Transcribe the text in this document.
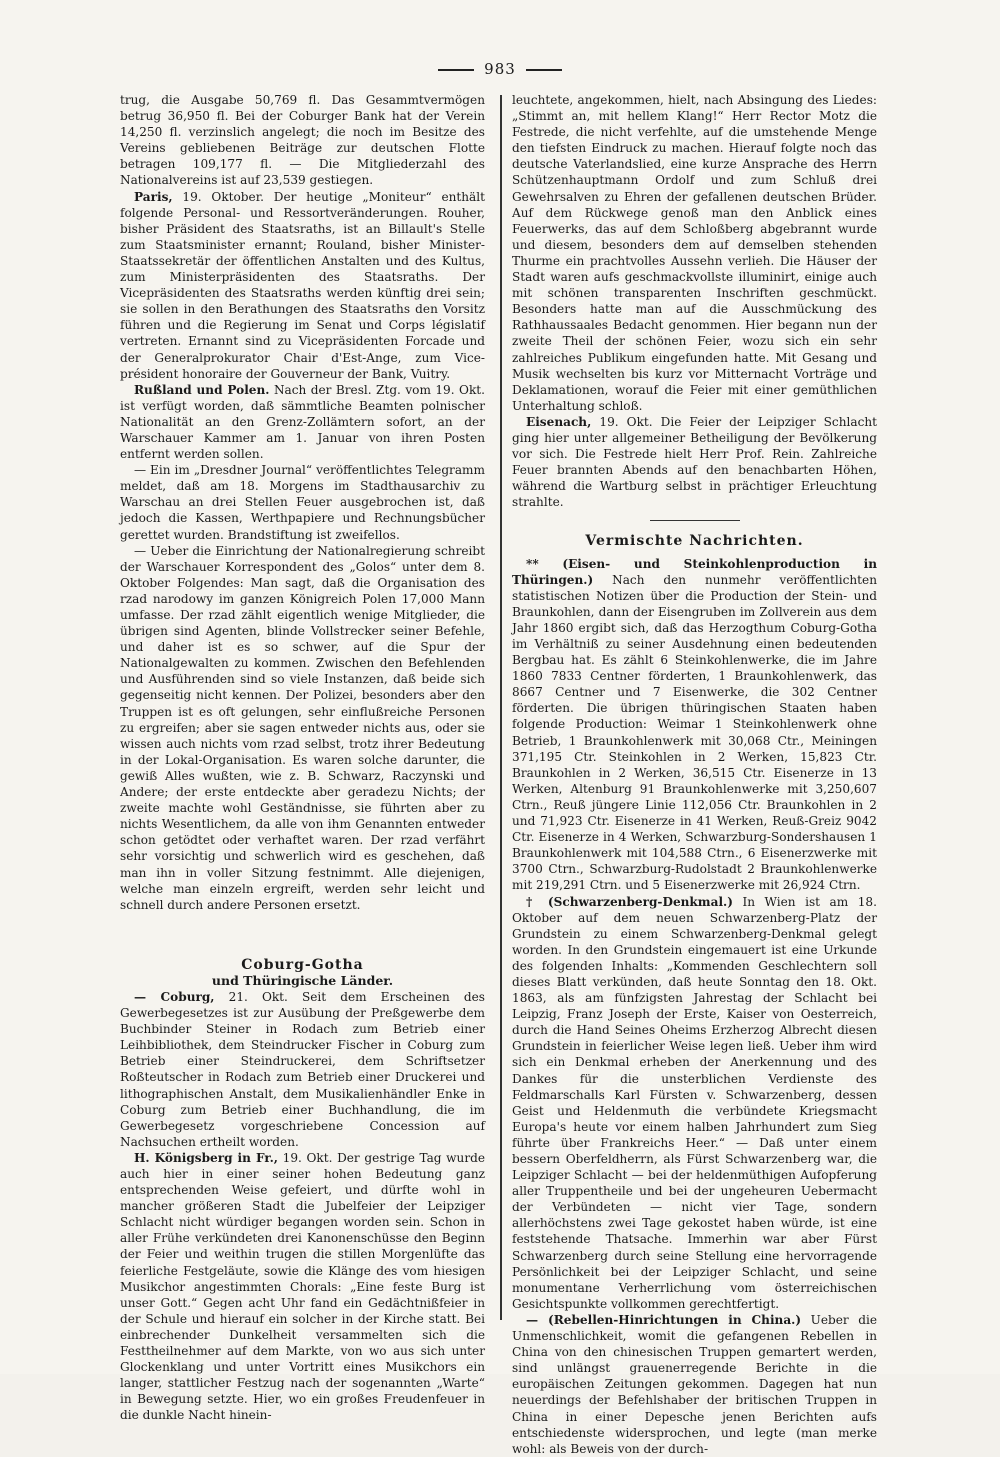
983

trug, die Ausgabe 50,769 fl. Das Gesammtvermögen betrug 36,950 fl. Bei der Coburger Bank hat der Verein 14,250 fl. verzinslich angelegt; die noch im Besitze des Vereins gebliebenen Beiträge zur deutschen Flotte betragen 109,177 fl. — Die Mitgliederzahl des Nationalvereins ist auf 23,539 gestiegen.

Paris, 19. Oktober. Der heutige „Moniteur“ enthält folgende Personal- und Ressortveränderungen. Rouher, bisher Präsident des Staatsraths, ist an Billault's Stelle zum Staatsminister ernannt; Rouland, bisher Minister-Staatssekretär der öffentlichen Anstalten und des Kultus, zum Ministerpräsidenten des Staatsraths. Der Vicepräsidenten des Staatsraths werden künftig drei sein; sie sollen in den Berathungen des Staatsraths den Vorsitz führen und die Regierung im Senat und Corps législatif vertreten. Ernannt sind zu Vicepräsidenten Forcade und der Generalprokurator Chair d'Est-Ange, zum Vice-président honoraire der Gouverneur der Bank, Vuitry.

Rußland und Polen. Nach der Bresl. Ztg. vom 19. Okt. ist verfügt worden, daß sämmtliche Beamten polnischer Nationalität an den Grenz-Zollämtern sofort, an der Warschauer Kammer am 1. Januar von ihren Posten entfernt werden sollen.

— Ein im „Dresdner Journal“ veröffentlichtes Telegramm meldet, daß am 18. Morgens im Stadthausarchiv zu Warschau an drei Stellen Feuer ausgebrochen ist, daß jedoch die Kassen, Werthpapiere und Rechnungsbücher gerettet wurden. Brandstiftung ist zweifellos.

— Ueber die Einrichtung der Nationalregierung schreibt der Warschauer Korrespondent des „Golos“ unter dem 8. Oktober Folgendes: Man sagt, daß die Organisation des rzad narodowy im ganzen Königreich Polen 17,000 Mann umfasse. Der rzad zählt eigentlich wenige Mitglieder, die übrigen sind Agenten, blinde Vollstrecker seiner Befehle, und daher ist es so schwer, auf die Spur der Nationalgewalten zu kommen. Zwischen den Befehlenden und Ausführenden sind so viele Instanzen, daß beide sich gegenseitig nicht kennen. Der Polizei, besonders aber den Truppen ist es oft gelungen, sehr einflußreiche Personen zu ergreifen; aber sie sagen entweder nichts aus, oder sie wissen auch nichts vom rzad selbst, trotz ihrer Bedeutung in der Lokal-Organisation. Es waren solche darunter, die gewiß Alles wußten, wie z. B. Schwarz, Raczynski und Andere; der erste entdeckte aber geradezu Nichts; der zweite machte wohl Geständnisse, sie führten aber zu nichts Wesentlichem, da alle von ihm Genannten entweder schon getödtet oder verhaftet waren. Der rzad verfährt sehr vorsichtig und schwerlich wird es geschehen, daß man ihn in voller Sitzung festnimmt. Alle diejenigen, welche man einzeln ergreift, werden sehr leicht und schnell durch andere Personen ersetzt.

Coburg-Gotha

und Thüringische Länder.

— Coburg, 21. Okt. Seit dem Erscheinen des Gewerbegesetzes ist zur Ausübung der Preßgewerbe dem Buchbinder Steiner in Rodach zum Betrieb einer Leihbibliothek, dem Steindrucker Fischer in Coburg zum Betrieb einer Steindruckerei, dem Schriftsetzer Roßteutscher in Rodach zum Betrieb einer Druckerei und lithographischen Anstalt, dem Musikalienhändler Enke in Coburg zum Betrieb einer Buchhandlung, die im Gewerbegesetz vorgeschriebene Concession auf Nachsuchen ertheilt worden.

H. Königsberg in Fr., 19. Okt. Der gestrige Tag wurde auch hier in einer seiner hohen Bedeutung ganz entsprechenden Weise gefeiert, und dürfte wohl in mancher größeren Stadt die Jubelfeier der Leipziger Schlacht nicht würdiger begangen worden sein. Schon in aller Frühe verkündeten drei Kanonenschüsse den Beginn der Feier und weithin trugen die stillen Morgenlüfte das feierliche Festgeläute, sowie die Klänge des vom hiesigen Musikchor angestimmten Chorals: „Eine feste Burg ist unser Gott.“ Gegen acht Uhr fand ein Gedächtnißfeier in der Schule und hierauf ein solcher in der Kirche statt. Bei einbrechender Dunkelheit versammelten sich die Festtheilnehmer auf dem Markte, von wo aus sich unter Glockenklang und unter Vortritt eines Musikchors ein langer, stattlicher Festzug nach der sogenannten „Warte“ in Bewegung setzte. Hier, wo ein großes Freudenfeuer in die dunkle Nacht hinein-

leuchtete, angekommen, hielt, nach Absingung des Liedes: „Stimmt an, mit hellem Klang!“ Herr Rector Motz die Festrede, die nicht verfehlte, auf die umstehende Menge den tiefsten Eindruck zu machen. Hierauf folgte noch das deutsche Vaterlandslied, eine kurze Ansprache des Herrn Schützenhauptmann Ordolf und zum Schluß drei Gewehrsalven zu Ehren der gefallenen deutschen Brüder. Auf dem Rückwege genoß man den Anblick eines Feuerwerks, das auf dem Schloßberg abgebrannt wurde und diesem, besonders dem auf demselben stehenden Thurme ein prachtvolles Aussehn verlieh. Die Häuser der Stadt waren aufs geschmackvollste illuminirt, einige auch mit schönen transparenten Inschriften geschmückt. Besonders hatte man auf die Ausschmückung des Rathhaussaales Bedacht genommen. Hier begann nun der zweite Theil der schönen Feier, wozu sich ein sehr zahlreiches Publikum eingefunden hatte. Mit Gesang und Musik wechselten bis kurz vor Mitternacht Vorträge und Deklamationen, worauf die Feier mit einer gemüthlichen Unterhaltung schloß.

Eisenach, 19. Okt. Die Feier der Leipziger Schlacht ging hier unter allgemeiner Betheiligung der Bevölkerung vor sich. Die Festrede hielt Herr Prof. Rein. Zahlreiche Feuer brannten Abends auf den benachbarten Höhen, während die Wartburg selbst in prächtiger Erleuchtung strahlte.

Vermischte Nachrichten.

** (Eisen- und Steinkohlenproduction in Thüringen.) Nach den nunmehr veröffentlichten statistischen Notizen über die Production der Stein- und Braunkohlen, dann der Eisengruben im Zollverein aus dem Jahr 1860 ergibt sich, daß das Herzogthum Coburg-Gotha im Verhältniß zu seiner Ausdehnung einen bedeutenden Bergbau hat. Es zählt 6 Steinkohlenwerke, die im Jahre 1860 7833 Centner förderten, 1 Braunkohlenwerk, das 8667 Centner und 7 Eisenwerke, die 302 Centner förderten. Die übrigen thüringischen Staaten haben folgende Production: Weimar 1 Steinkohlenwerk ohne Betrieb, 1 Braunkohlenwerk mit 30,068 Ctr., Meiningen 371,195 Ctr. Steinkohlen in 2 Werken, 15,823 Ctr. Braunkohlen in 2 Werken, 36,515 Ctr. Eisenerze in 13 Werken, Altenburg 91 Braunkohlenwerke mit 3,250,607 Ctrn., Reuß jüngere Linie 112,056 Ctr. Braunkohlen in 2 und 71,923 Ctr. Eisenerze in 41 Werken, Reuß-Greiz 9042 Ctr. Eisenerze in 4 Werken, Schwarzburg-Sondershausen 1 Braunkohlenwerk mit 104,588 Ctrn., 6 Eisenerzwerke mit 3700 Ctrn., Schwarzburg-Rudolstadt 2 Braunkohlenwerke mit 219,291 Ctrn. und 5 Eisenerzwerke mit 26,924 Ctrn.

† (Schwarzenberg-Denkmal.) In Wien ist am 18. Oktober auf dem neuen Schwarzenberg-Platz der Grundstein zu einem Schwarzenberg-Denkmal gelegt worden. In den Grundstein eingemauert ist eine Urkunde des folgenden Inhalts: „Kommenden Geschlechtern soll dieses Blatt verkünden, daß heute Sonntag den 18. Okt. 1863, als am fünfzigsten Jahrestag der Schlacht bei Leipzig, Franz Joseph der Erste, Kaiser von Oesterreich, durch die Hand Seines Oheims Erzherzog Albrecht diesen Grundstein in feierlicher Weise legen ließ. Ueber ihm wird sich ein Denkmal erheben der Anerkennung und des Dankes für die unsterblichen Verdienste des Feldmarschalls Karl Fürsten v. Schwarzenberg, dessen Geist und Heldenmuth die verbündete Kriegsmacht Europa's heute vor einem halben Jahrhundert zum Sieg führte über Frankreichs Heer.“ — Daß unter einem bessern Oberfeldherrn, als Fürst Schwarzenberg war, die Leipziger Schlacht — bei der heldenmüthigen Aufopferung aller Truppentheile und bei der ungeheuren Uebermacht der Verbündeten — nicht vier Tage, sondern allerhöchstens zwei Tage gekostet haben würde, ist eine feststehende Thatsache. Immerhin war aber Fürst Schwarzenberg durch seine Stellung eine hervorragende Persönlichkeit bei der Leipziger Schlacht, und seine monumentane Verherrlichung vom österreichischen Gesichtspunkte vollkommen gerechtfertigt.

— (Rebellen-Hinrichtungen in China.) Ueber die Unmenschlichkeit, womit die gefangenen Rebellen in China von den chinesischen Truppen gemartert werden, sind unlängst grauenerregende Berichte in die europäischen Zeitungen gekommen. Dagegen hat nun neuerdings der Befehlshaber der britischen Truppen in China in einer Depesche jenen Berichten aufs entschiedenste widersprochen, und legte (man merke wohl: als Beweis von der durch-
